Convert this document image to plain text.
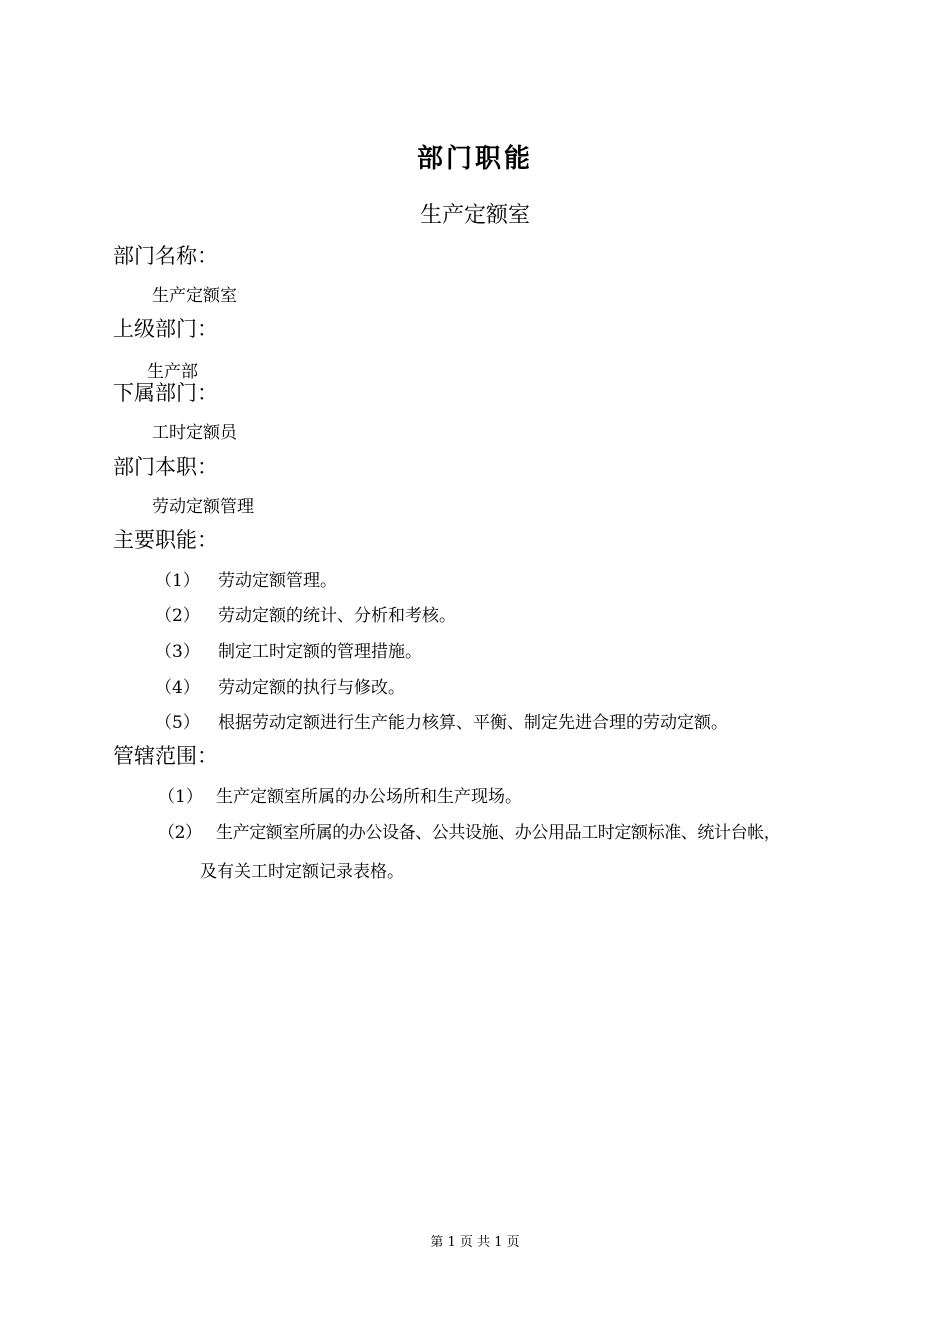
部门职能
生产定额室
部门名称：
生产定额室
上级部门：
生产部
下属部门：
工时定额员
部门本职：
劳动定额管理
主要职能：
（1） 劳动定额管理。
（2） 劳动定额的统计、分析和考核。
（3） 制定工时定额的管理措施。
（4） 劳动定额的执行与修改。
（5） 根据劳动定额进行生产能力核算、平衡、制定先进合理的劳动定额。
管辖范围：
（1） 生产定额室所属的办公场所和生产现场。
（2） 生产定额室所属的办公设备、公共设施、办公用品工时定额标准、统计台帐，
及有关工时定额记录表格。
第 1 页 共 1 页
